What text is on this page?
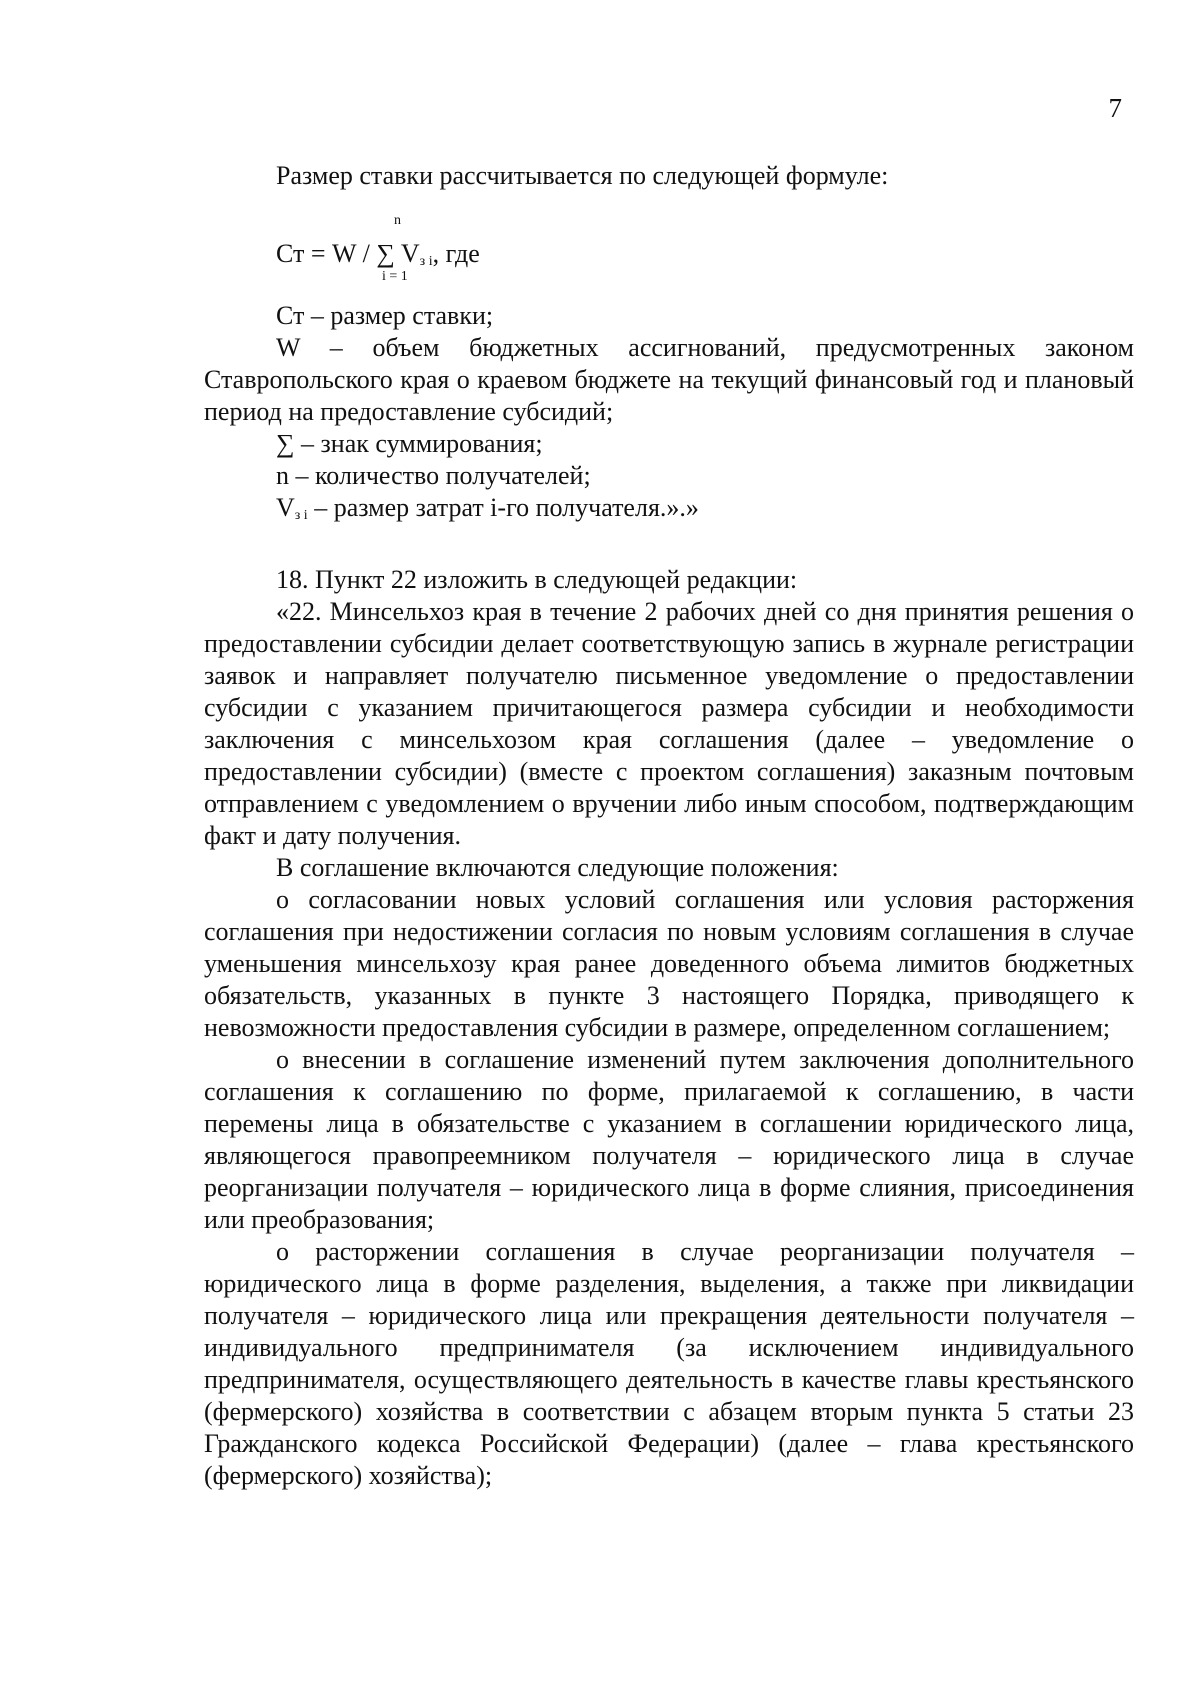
7

Размер ставки рассчитывается по следующей формуле:

n
Ст = W / ∑ $V_{з i}$, где
i = 1

Ст – размер ставки;

W – объем бюджетных ассигнований, предусмотренных законом Ставропольского края о краевом бюджете на текущий финансовый год и плановый период на предоставление субсидий;

∑ – знак суммирования;

n – количество получателей;

$V_{з i}$ – размер затрат i-го получателя.».»

18. Пункт 22 изложить в следующей редакции:

«22. Минсельхоз края в течение 2 рабочих дней со дня принятия решения о предоставлении субсидии делает соответствующую запись в журнале регистрации заявок и направляет получателю письменное уведомление о предоставлении субсидии с указанием причитающегося размера субсидии и необходимости заключения с минсельхозом края соглашения (далее – уведомление о предоставлении субсидии) (вместе с проектом соглашения) заказным почтовым отправлением с уведомлением о вручении либо иным способом, подтверждающим факт и дату получения.

В соглашение включаются следующие положения:

о согласовании новых условий соглашения или условия расторжения соглашения при недостижении согласия по новым условиям соглашения в случае уменьшения минсельхозу края ранее доведенного объема лимитов бюджетных обязательств, указанных в пункте 3 настоящего Порядка, приводящего к невозможности предоставления субсидии в размере, определенном соглашением;

о внесении в соглашение изменений путем заключения дополнительного соглашения к соглашению по форме, прилагаемой к соглашению, в части перемены лица в обязательстве с указанием в соглашении юридического лица, являющегося правопреемником получателя – юридического лица в случае реорганизации получателя – юридического лица в форме слияния, присоединения или преобразования;

о расторжении соглашения в случае реорганизации получателя – юридического лица в форме разделения, выделения, а также при ликвидации получателя – юридического лица или прекращения деятельности получателя – индивидуального предпринимателя (за исключением индивидуального предпринимателя, осуществляющего деятельность в качестве главы крестьянского (фермерского) хозяйства в соответствии с абзацем вторым пункта 5 статьи 23 Гражданского кодекса Российской Федерации) (далее – глава крестьянского (фермерского) хозяйства);
